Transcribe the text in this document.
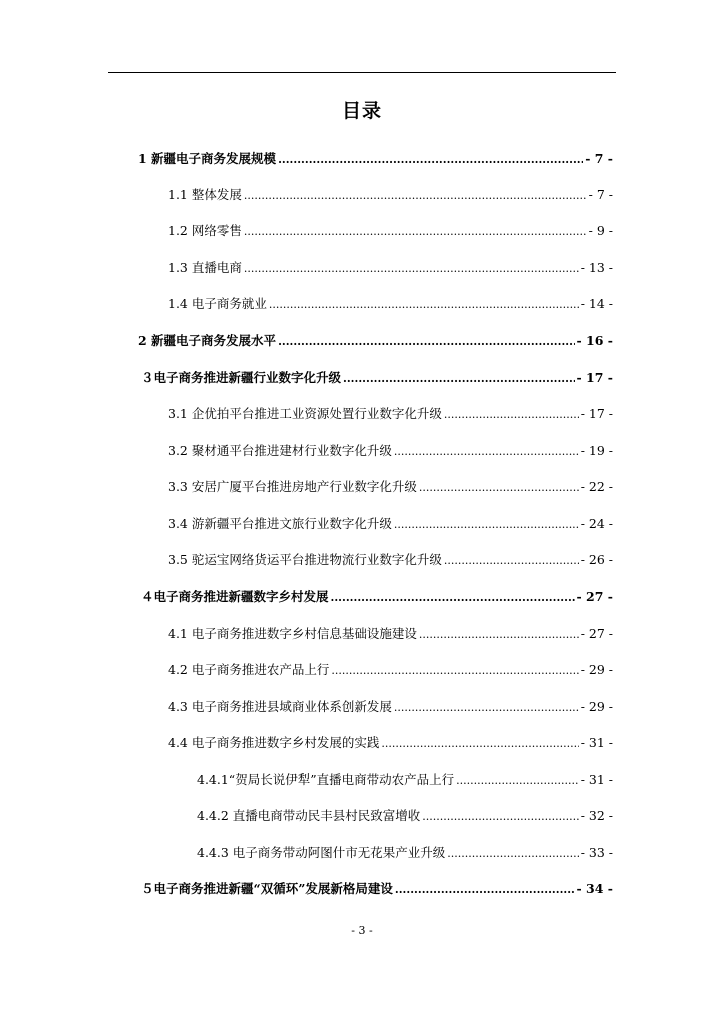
目录
1 新疆电子商务发展规模 .....	- 7 -
1.1 整体发展 .....	- 7 -
1.2 网络零售 .....	- 9 -
1.3 直播电商 .....	- 13 -
1.4 电子商务就业 .....	- 14 -
2 新疆电子商务发展水平 .....	- 16 -
３电子商务推进新疆行业数字化升级 .....	- 17 -
3.1 企优拍平台推进工业资源处置行业数字化升级 .....	- 17 -
3.2 聚材通平台推进建材行业数字化升级 .....	- 19 -
3.3 安居广厦平台推进房地产行业数字化升级 .....	- 22 -
3.4 游新疆平台推进文旅行业数字化升级 .....	- 24 -
3.5 驼运宝网络货运平台推进物流行业数字化升级 .....	- 26 -
４电子商务推进新疆数字乡村发展 .....	- 27 -
4.1 电子商务推进数字乡村信息基础设施建设 .....	- 27 -
4.2 电子商务推进农产品上行 .....	- 29 -
4.3 电子商务推进县域商业体系创新发展 .....	- 29 -
4.4 电子商务推进数字乡村发展的实践 .....	- 31 -
4.4.1“贺局长说伊犁”直播电商带动农产品上行 .....	- 31 -
4.4.2 直播电商带动民丰县村民致富增收 .....	- 32 -
4.4.3 电子商务带动阿图什市无花果产业升级 .....	- 33 -
５电子商务推进新疆“双循环”发展新格局建设 .....	- 34 -
- 3 -
